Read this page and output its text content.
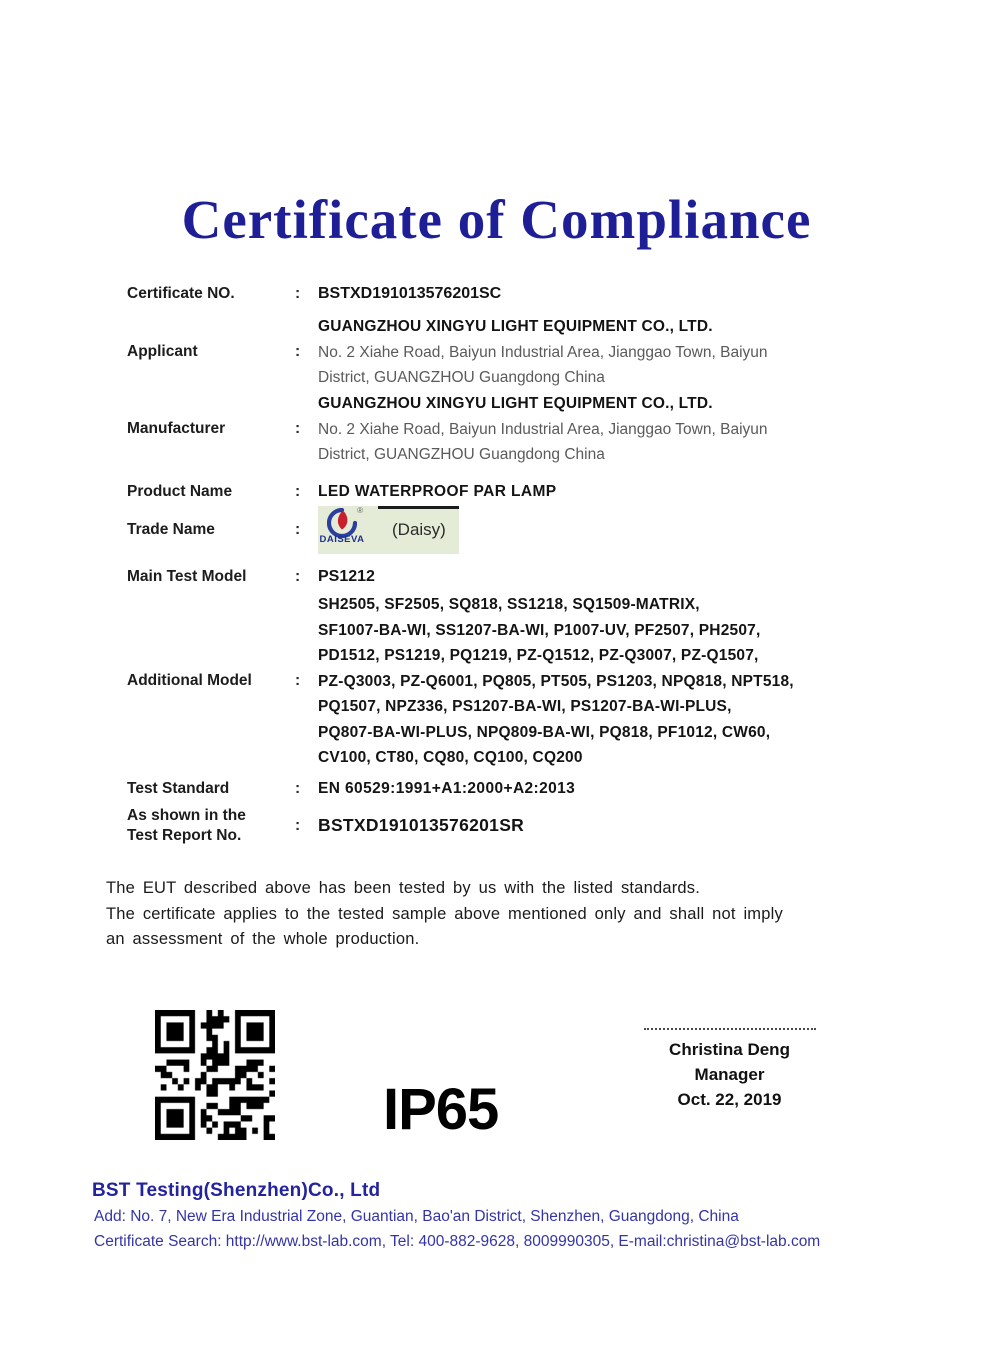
Certificate of Compliance
Certificate NO.	:	BSTXD191013576201SC
Applicant	:
GUANGZHOU XINGYU LIGHT EQUIPMENT CO., LTD.
No. 2 Xiahe Road, Baiyun Industrial Area, Jianggao Town, Baiyun
District, GUANGZHOU Guangdong China
Manufacturer	:
GUANGZHOU XINGYU LIGHT EQUIPMENT CO., LTD.
No. 2 Xiahe Road, Baiyun Industrial Area, Jianggao Town, Baiyun
District, GUANGZHOU Guangdong China
Product Name	:	LED WATERPROOF PAR LAMP
Trade Name	:
®
DAISEVA (Daisy)
Main Test Model	:	PS1212
Additional Model	:
SH2505, SF2505, SQ818, SS1218, SQ1509-MATRIX,
SF1007-BA-WI, SS1207-BA-WI, P1007-UV, PF2507, PH2507,
PD1512, PS1219, PQ1219, PZ-Q1512, PZ-Q3007, PZ-Q1507,
PZ-Q3003, PZ-Q6001, PQ805, PT505, PS1203, NPQ818, NPT518,
PQ1507, NPZ336, PS1207-BA-WI, PS1207-BA-WI-PLUS,
PQ807-BA-WI-PLUS, NPQ809-BA-WI, PQ818, PF1012, CW60,
CV100, CT80, CQ80, CQ100, CQ200
Test Standard	:	EN 60529:1991+A1:2000+A2:2013
As shown in the
Test Report No.
:	BSTXD191013576201SR
The EUT described above has been tested by us with the listed standards.
The certificate applies to the tested sample above mentioned only and shall not imply
an assessment of the whole production.
IP65
Christina Deng
Manager
Oct. 22, 2019
BST Testing(Shenzhen)Co., Ltd
Add: No. 7, New Era Industrial Zone, Guantian, Bao'an District, Shenzhen, Guangdong, China
Certificate Search: http://www.bst-lab.com, Tel: 400-882-9628, 8009990305, E-mail:christina@bst-lab.com
